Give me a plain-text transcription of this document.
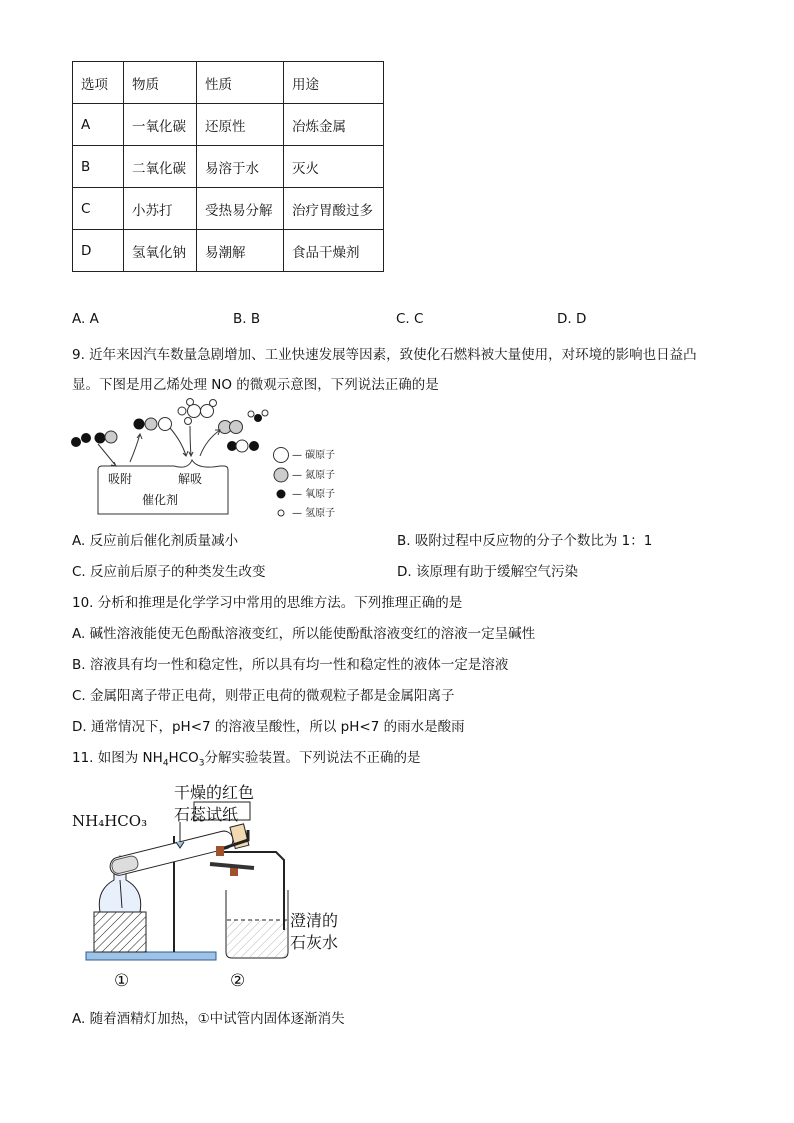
选项	物质	性质	用途
A	一氧化碳	还原性	冶炼金属
B	二氧化碳	易溶于水	灭火
C	小苏打	受热易分解	治疗胃酸过多
D	氢氧化钠	易潮解	食品干燥剂
A. A	B. B	C. C	D. D
9. 近年来因汽车数量急剧增加、工业快速发展等因素，致使化石燃料被大量使用，对环境的影响也日益凸
显。下图是用乙烯处理 NO 的微观示意图，下列说法正确的是
吸附	解吸
催化剂
— 碳原子
— 氮原子
— 氧原子
— 氢原子
A. 反应前后催化剂质量减小	B. 吸附过程中反应物的分子个数比为 1：1
C. 反应前后原子的种类发生改变	D. 该原理有助于缓解空气污染
10. 分析和推理是化学学习中常用的思维方法。下列推理正确的是
A. 碱性溶液能使无色酚酞溶液变红，所以能使酚酞溶液变红的溶液一定呈碱性
B. 溶液具有均一性和稳定性，所以具有均一性和稳定性的液体一定是溶液
C. 金属阳离子带正电荷，则带正电荷的微观粒子都是金属阳离子
D. 通常情况下，pH<7 的溶液呈酸性，所以 pH<7 的雨水是酸雨
11. 如图为 $NH_4HCO_3$分解实验装置。下列说法不正确的是
NH₄HCO₃
干燥的红色
石蕊试纸
澄清的
石灰水
①	②
A. 随着酒精灯加热，①中试管内固体逐渐消失
